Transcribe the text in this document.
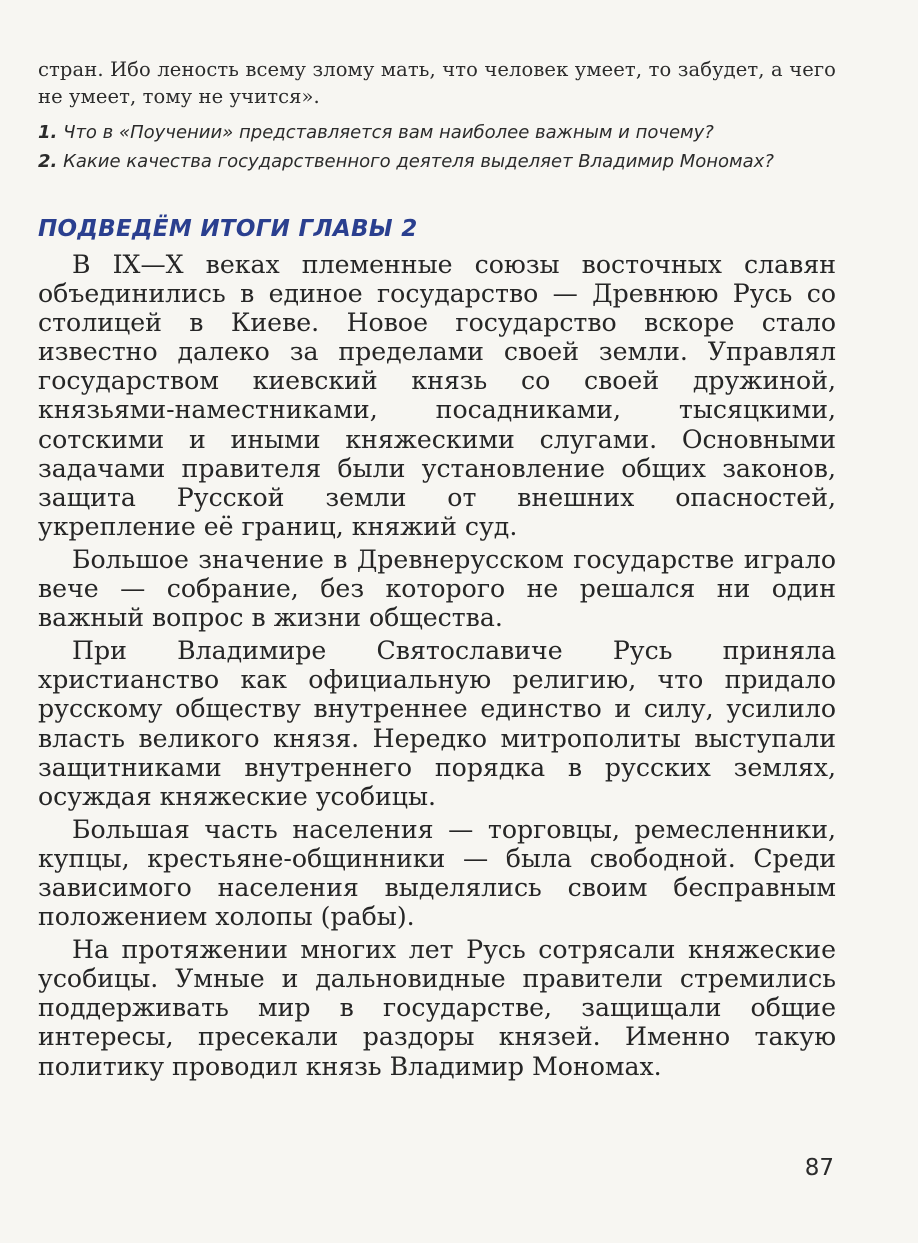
стран. Ибо леность всему злому мать, что человек умеет, то забудет, а чего не умеет, тому не учится».

1. Что в «Поучении» представляется вам наиболее важным и почему?

2. Какие качества государственного деятеля выделяет Владимир Мономах?

ПОДВЕДЁМ ИТОГИ ГЛАВЫ 2

В IX—X веках племенные союзы восточных славян объединились в единое государство — Древнюю Русь со столицей в Киеве. Новое государство вскоре стало известно далеко за пределами своей земли. Управлял государством киевский князь со своей дружиной, князьями-наместниками, посадниками, тысяцкими, сотскими и иными княжескими слугами. Основными задачами правителя были установление общих законов, защита Русской земли от внешних опасностей, укрепление её границ, княжий суд.

Большое значение в Древнерусском государстве играло вече — собрание, без которого не решался ни один важный вопрос в жизни общества.

При Владимире Святославиче Русь приняла христианство как официальную религию, что придало русскому обществу внутреннее единство и силу, усилило власть великого князя. Нередко митрополиты выступали защитниками внутреннего порядка в русских землях, осуждая княжеские усобицы.

Большая часть населения — торговцы, ремесленники, купцы, крестьяне-общинники — была свободной. Среди зависимого населения выделялись своим бесправным положением холопы (рабы).

На протяжении многих лет Русь сотрясали княжеские усобицы. Умные и дальновидные правители стремились поддерживать мир в государстве, защищали общие интересы, пресекали раздоры князей. Именно такую политику проводил князь Владимир Мономах.

87
